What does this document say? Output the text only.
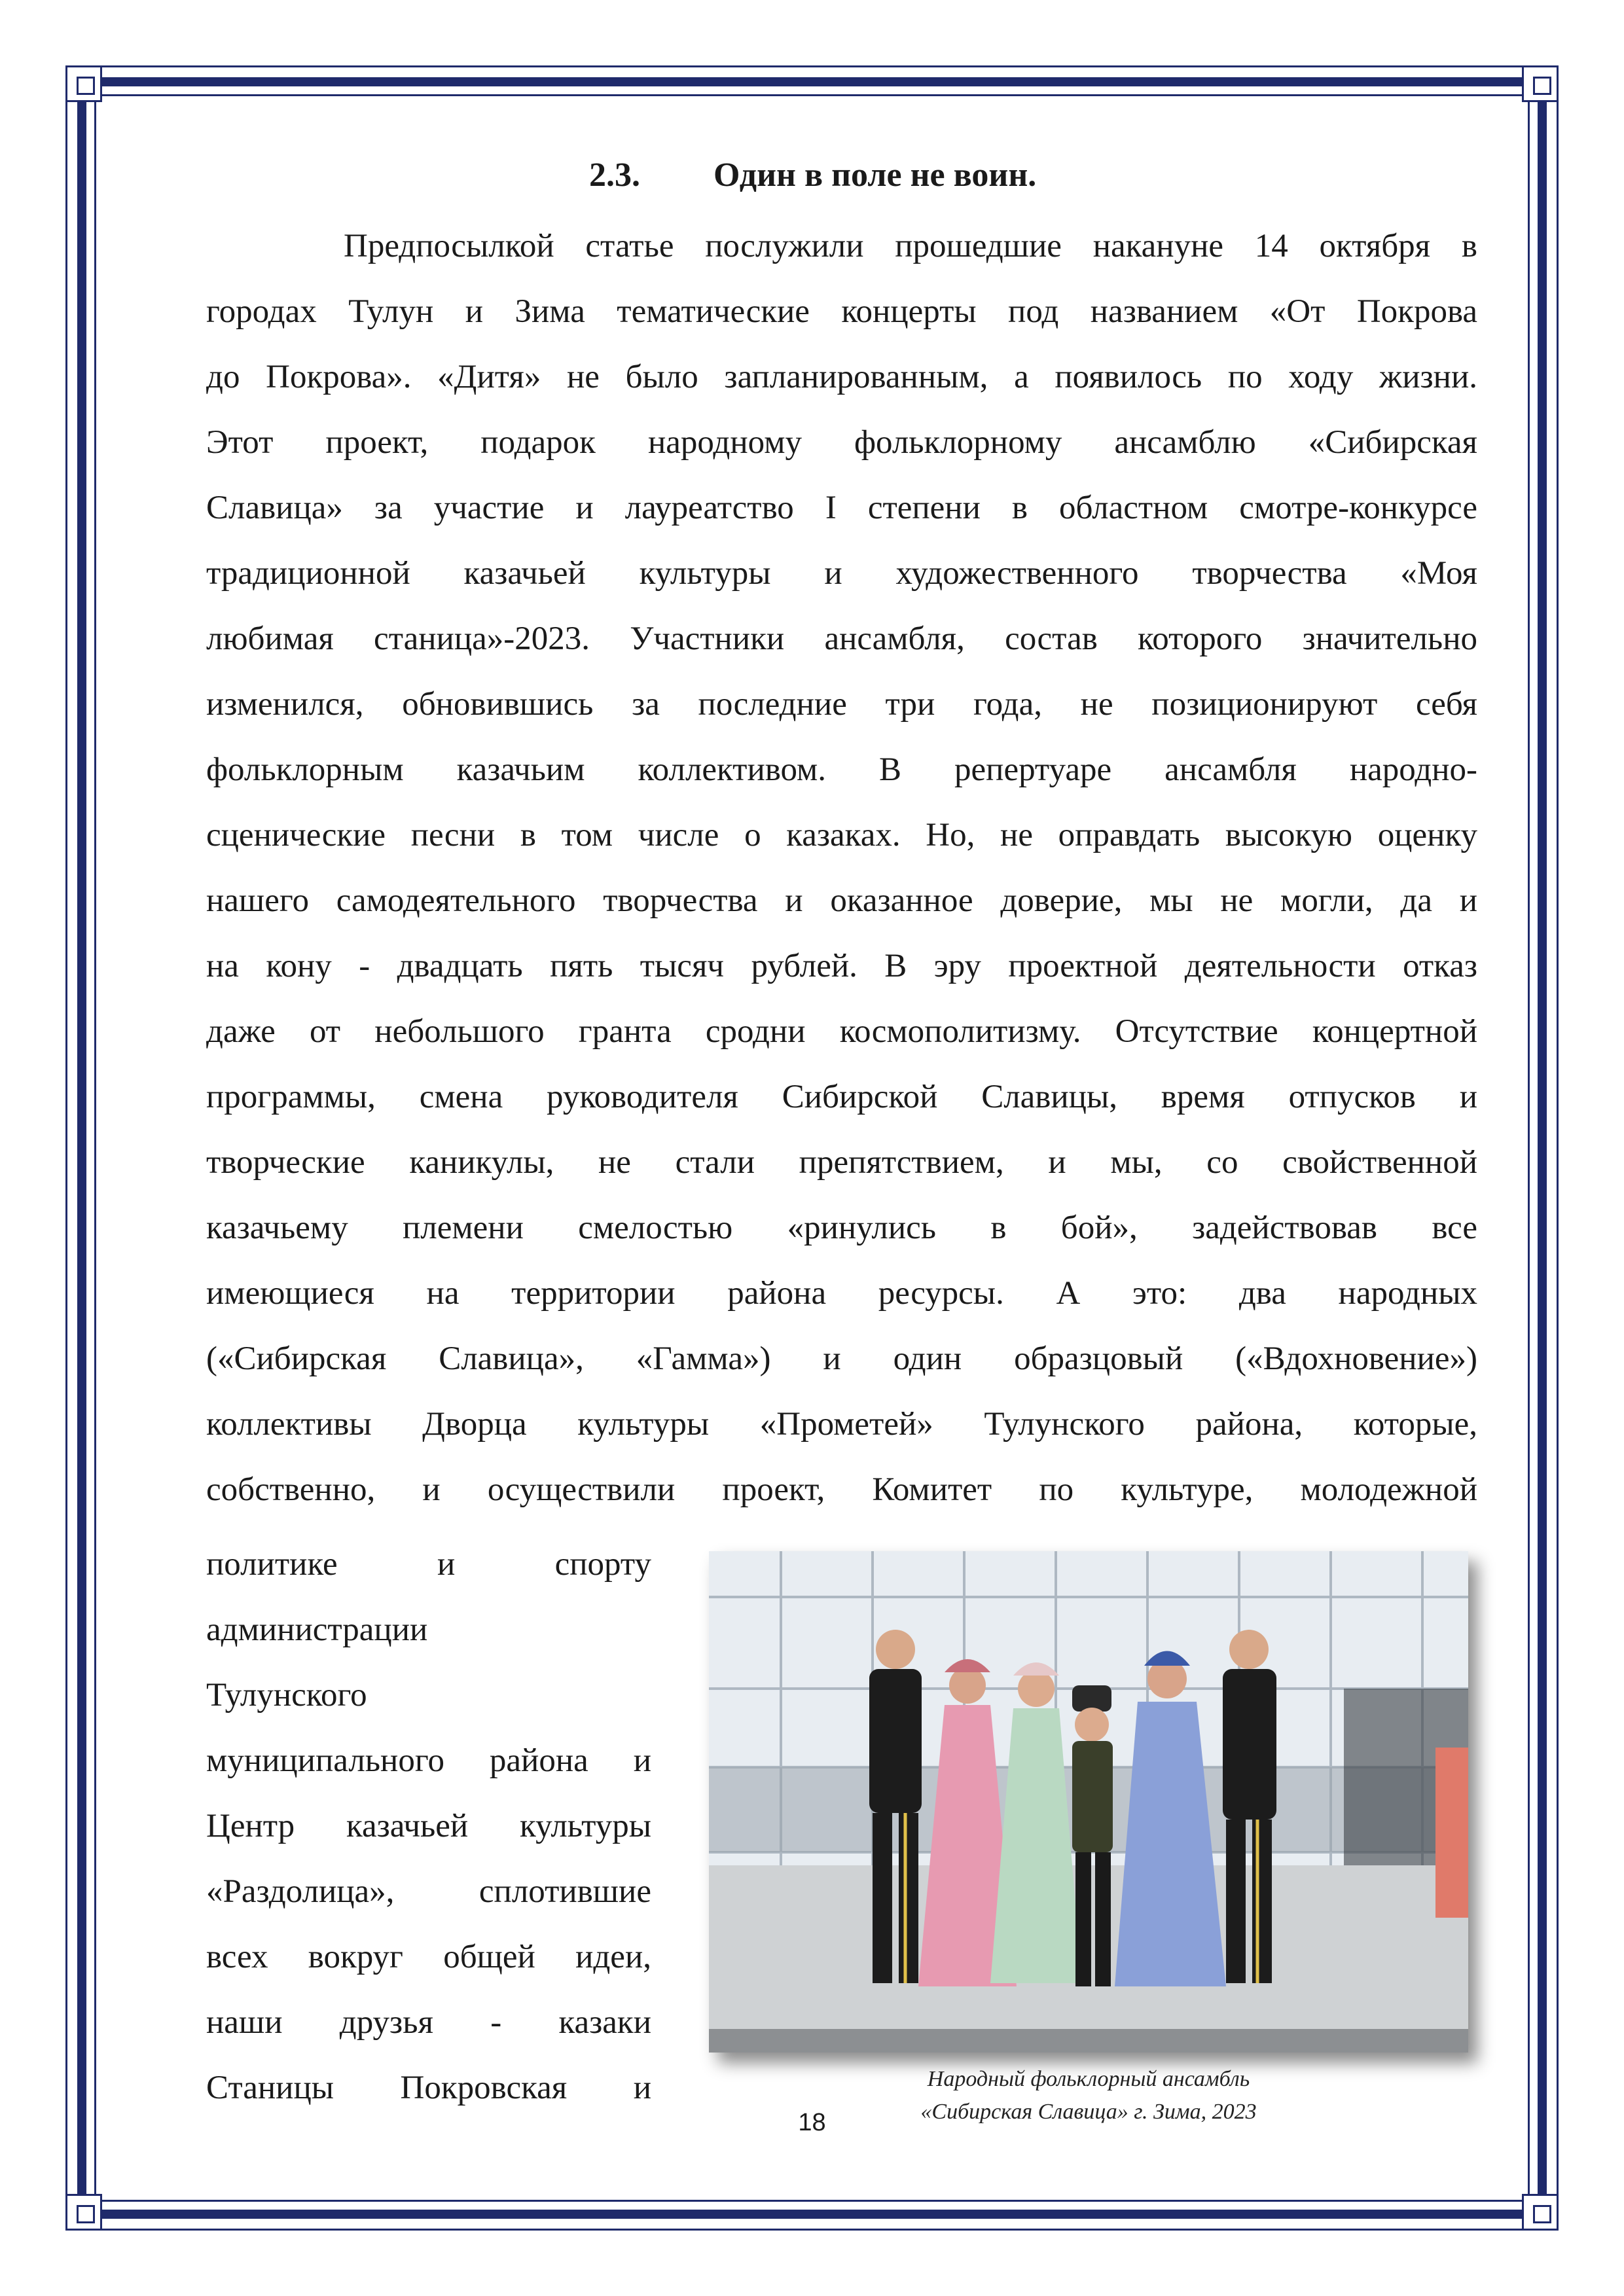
2.3. Один в поле не воин.
Предпосылкой статье послужили прошедшие накануне 14 октября в
городах Тулун и Зима тематические концерты под названием «От Покрова
до Покрова». «Дитя» не было запланированным, а появилось по ходу жизни.
Этот проект, подарок народному фольклорному ансамблю «Сибирская
Славица» за участие и лауреатство I степени в областном смотре-конкурсе
традиционной казачьей культуры и художественного творчества «Моя
любимая станица»-2023. Участники ансамбля, состав которого значительно
изменился, обновившись за последние три года, не позиционируют себя
фольклорным казачьим коллективом. В репертуаре ансамбля народно-
сценические песни в том числе о казаках. Но, не оправдать высокую оценку
нашего самодеятельного творчества и оказанное доверие, мы не могли, да и
на кону - двадцать пять тысяч рублей. В эру проектной деятельности отказ
даже от небольшого гранта сродни космополитизму. Отсутствие концертной
программы, смена руководителя Сибирской Славицы, время отпусков и
творческие каникулы, не стали препятствием, и мы, со свойственной
казачьему племени смелостью «ринулись в бой», задействовав все
имеющиеся на территории района ресурсы. А это: два народных
(«Сибирская Славица», «Гамма») и один образцовый («Вдохновение»)
коллективы Дворца культуры «Прометей» Тулунского района, которые,
собственно, и осуществили проект, Комитет по культуре, молодежной
политике и спорту
администрации
Тулунского
муниципального района и
Центр казачьей культуры
«Раздолица», сплотившие
всех вокруг общей идеи,
наши друзья - казаки
Станицы Покровская и	Народный фольклорный ансамбль
«Сибирская Славица» г. Зима, 2023
18
